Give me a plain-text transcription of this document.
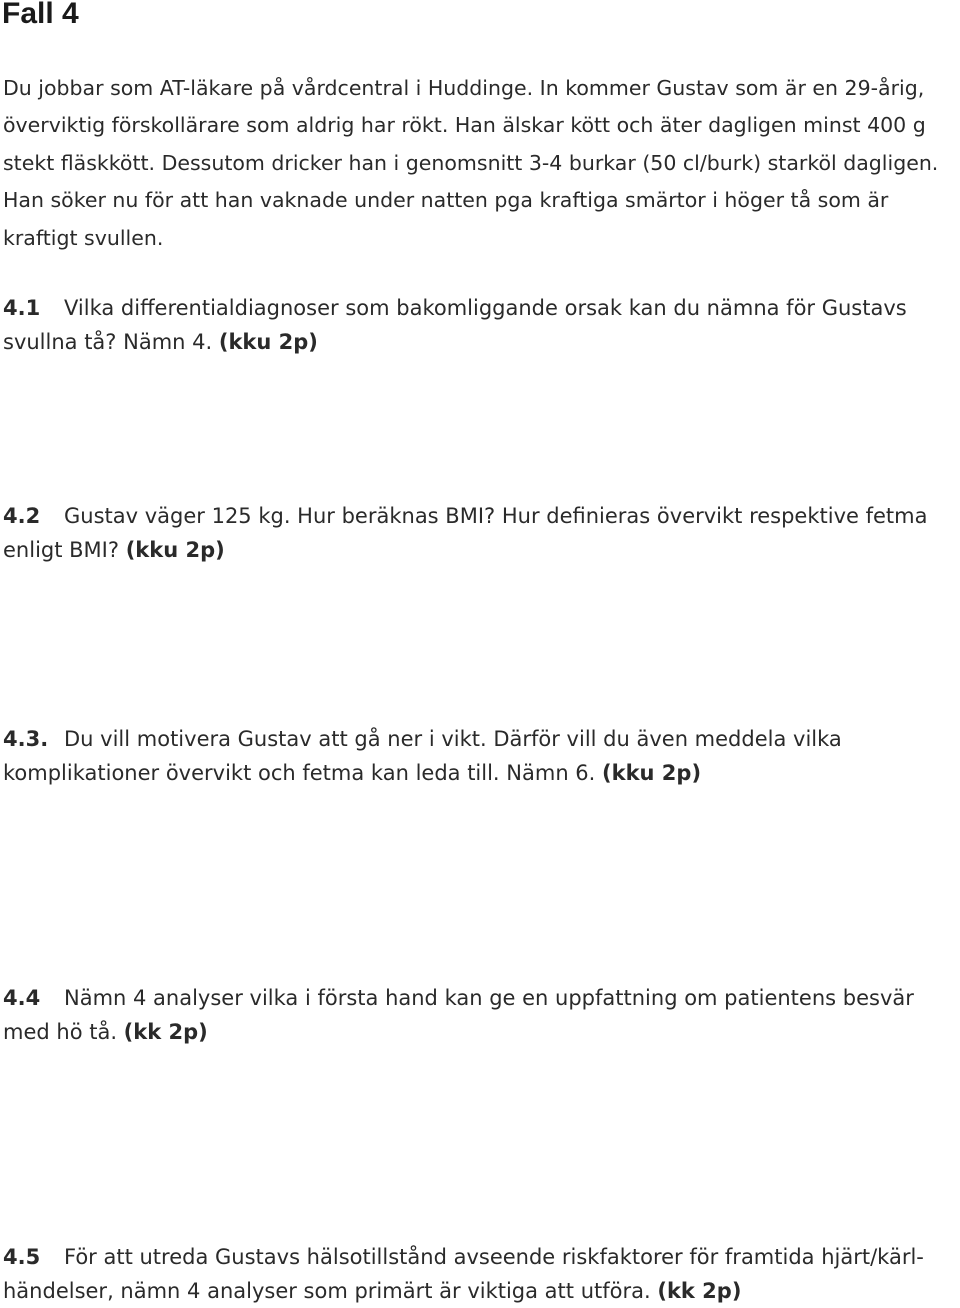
Fall 4

Du jobbar som AT-läkare på vårdcentral i Huddinge. In kommer Gustav som är en 29-årig, överviktig förskollärare som aldrig har rökt. Han älskar kött och äter dagligen minst 400 g stekt fläskkött. Dessutom dricker han i genomsnitt 3-4 burkar (50 cl/burk) starköl dagligen. Han söker nu för att han vaknade under natten pga kraftiga smärtor i höger tå som är kraftigt svullen.

4.1 Vilka differentialdiagnoser som bakomliggande orsak kan du nämna för Gustavs svullna tå? Nämn 4. (kku 2p)

4.2 Gustav väger 125 kg. Hur beräknas BMI? Hur definieras övervikt respektive fetma enligt BMI? (kku 2p)

4.3. Du vill motivera Gustav att gå ner i vikt. Därför vill du även meddela vilka komplikationer övervikt och fetma kan leda till. Nämn 6. (kku 2p)

4.4 Nämn 4 analyser vilka i första hand kan ge en uppfattning om patientens besvär med hö tå. (kk 2p)

4.5 För att utreda Gustavs hälsotillstånd avseende riskfaktorer för framtida hjärt/kärl-händelser, nämn 4 analyser som primärt är viktiga att utföra. (kk 2p)
